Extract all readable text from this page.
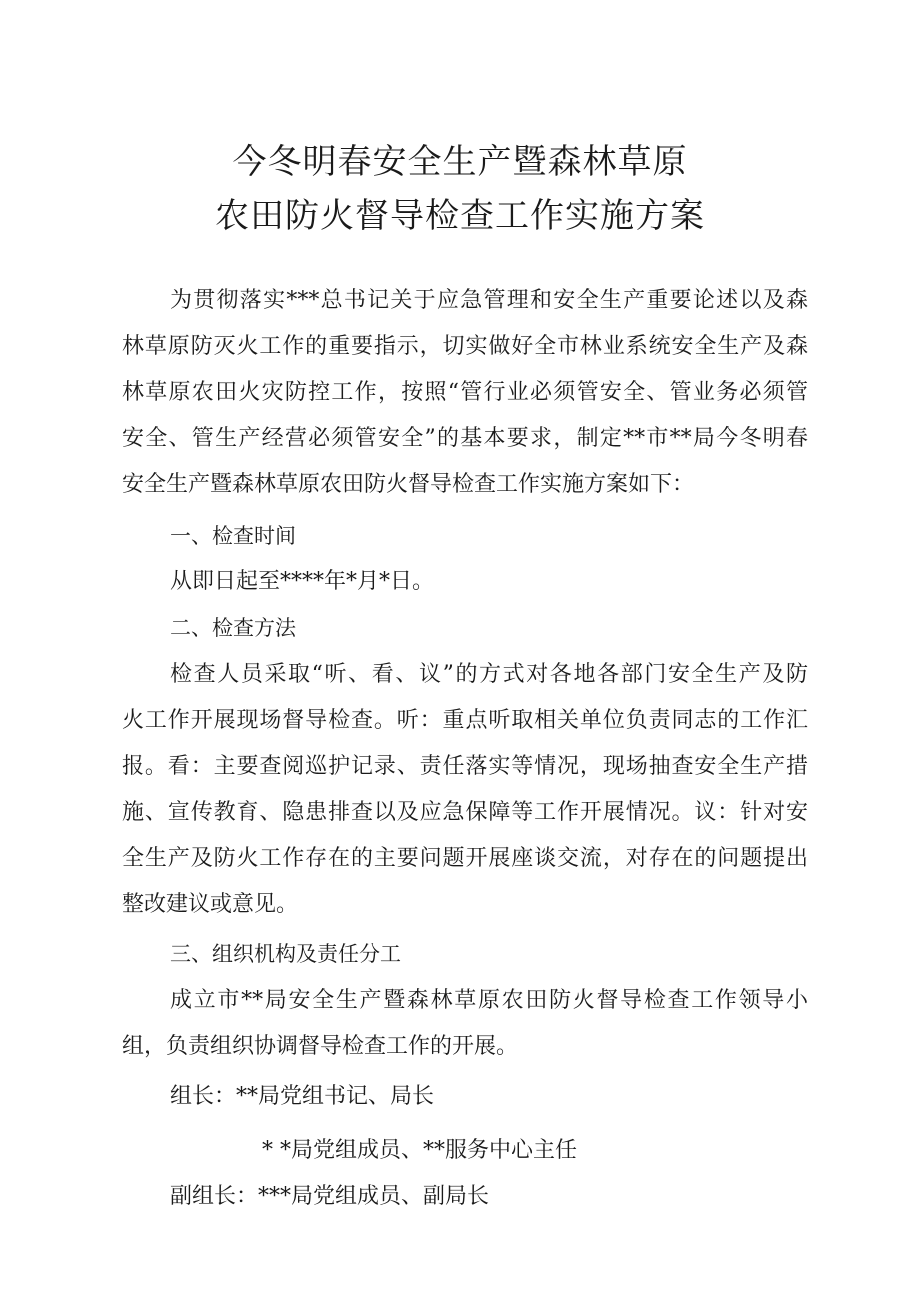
今冬明春安全生产暨森林草原
农田防火督导检查工作实施方案
为贯彻落实***总书记关于应急管理和安全生产重要论述以及森
林草原防灭火工作的重要指示，切实做好全市林业系统安全生产及森
林草原农田火灾防控工作，按照“管行业必须管安全、管业务必须管
安全、管生产经营必须管安全”的基本要求，制定**市**局今冬明春
安全生产暨森林草原农田防火督导检查工作实施方案如下：
一、检查时间
从即日起至****年*月*日。
二、检查方法
检查人员采取“听、看、议”的方式对各地各部门安全生产及防
火工作开展现场督导检查。听：重点听取相关单位负责同志的工作汇
报。看：主要查阅巡护记录、责任落实等情况，现场抽查安全生产措
施、宣传教育、隐患排查以及应急保障等工作开展情况。议：针对安
全生产及防火工作存在的主要问题开展座谈交流，对存在的问题提出
整改建议或意见。
三、组织机构及责任分工
成立市**局安全生产暨森林草原农田防火督导检查工作领导小
组，负责组织协调督导检查工作的开展。
组长：**局党组书记、局长
* *局党组成员、**服务中心主任
副组长：***局党组成员、副局长
